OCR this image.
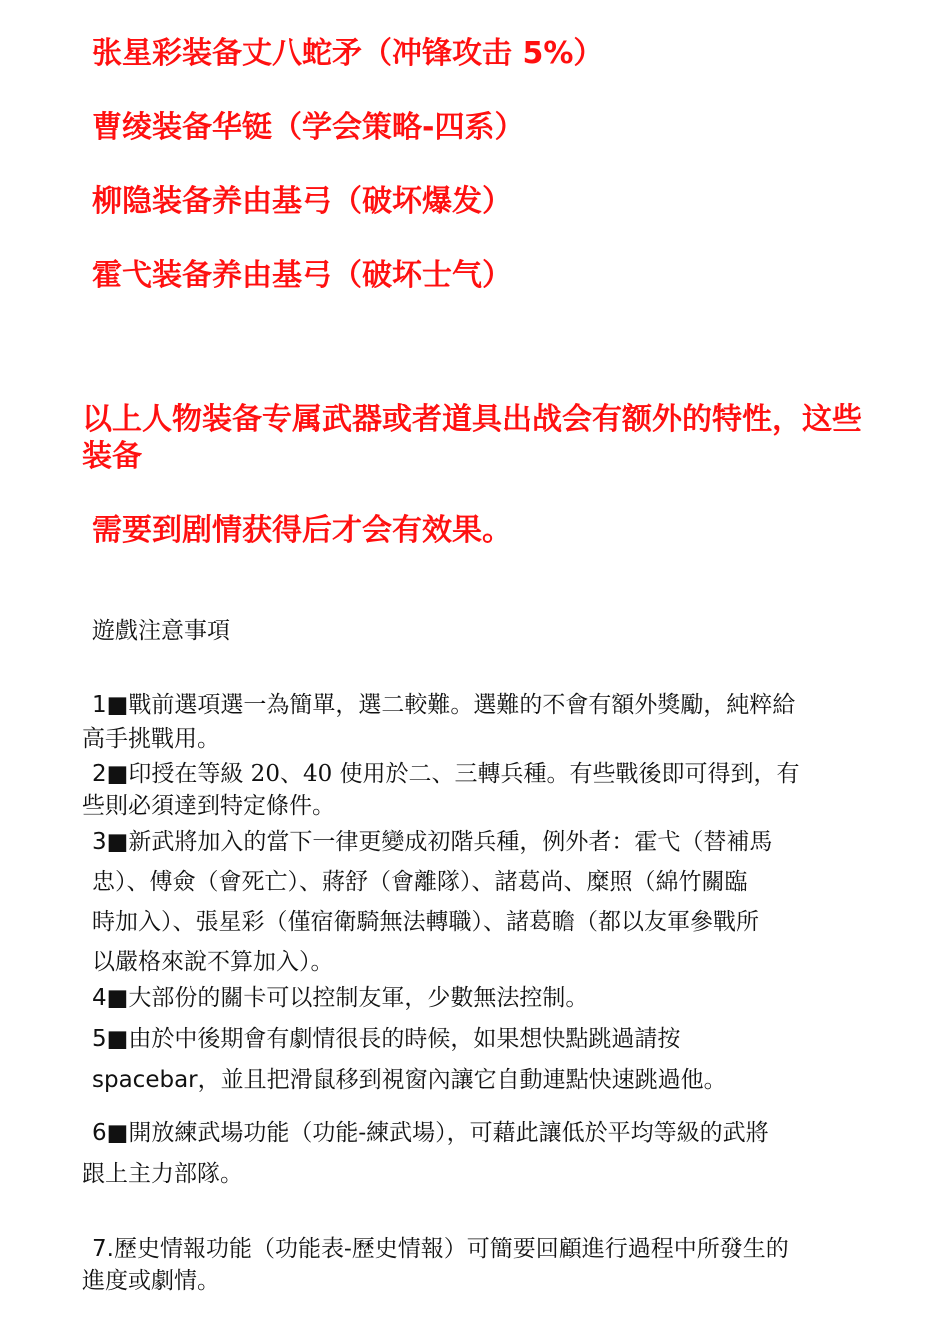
张星彩装备丈八蛇矛（冲锋攻击 5%）

曹绫装备华铤（学会策略-四系）

柳隐装备养由基弓（破坏爆发）

霍弋装备养由基弓（破坏士气）

以上人物装备专属武器或者道具出战会有额外的特性，这些装备

需要到剧情获得后才会有效果。

遊戲注意事項

1■戰前選項選一為簡單，選二較難。選難的不會有額外獎勵，純粹給

高手挑戰用。

2■印授在等級 20、40 使用於二、三轉兵種。有些戰後即可得到，有

些則必須達到特定條件。

3■新武將加入的當下一律更變成初階兵種，例外者：霍弋（替補馬

忠）、傅僉（會死亡）、蔣舒（會離隊）、諸葛尚、糜照（綿竹關臨

時加入）、張星彩（僅宿衛騎無法轉職）、諸葛瞻（都以友軍參戰所

以嚴格來說不算加入）。

4■大部份的關卡可以控制友軍，少數無法控制。

5■由於中後期會有劇情很長的時候，如果想快點跳過請按

spacebar，並且把滑鼠移到視窗內讓它自動連點快速跳過他。

6■開放練武場功能（功能-練武場），可藉此讓低於平均等級的武將

跟上主力部隊。

7.歷史情報功能（功能表-歷史情報）可簡要回顧進行過程中所發生的

進度或劇情。
